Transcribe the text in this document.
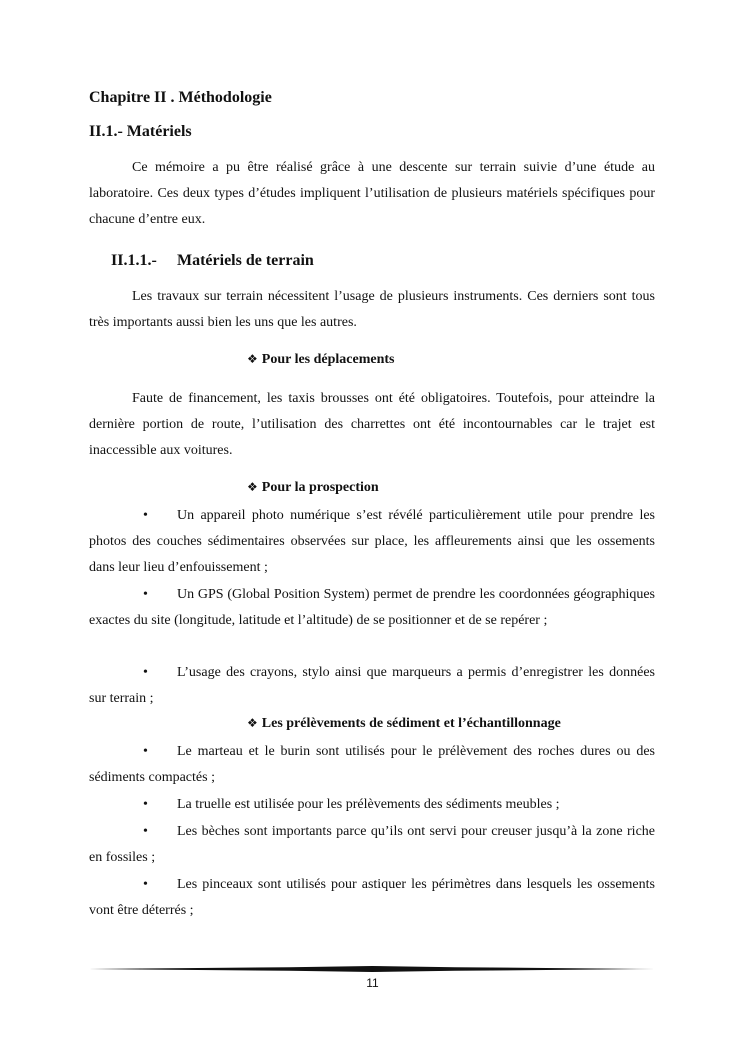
Chapitre II . Méthodologie
II.1.- Matériels

Ce mémoire a pu être réalisé grâce à une descente sur terrain suivie d’une étude au laboratoire. Ces deux types d’études impliquent l’utilisation de plusieurs matériels spécifiques pour chacune d’entre eux.

II.1.1.- Matériels de terrain

Les travaux sur terrain nécessitent l’usage de plusieurs instruments. Ces derniers sont tous très importants aussi bien les uns que les autres.

❖ Pour les déplacements

Faute de financement, les taxis brousses ont été obligatoires. Toutefois, pour atteindre la dernière portion de route, l’utilisation des charrettes ont été incontournables car le trajet est inaccessible aux voitures.

❖ Pour la prospection

• Un appareil photo numérique s’est révélé particulièrement utile pour prendre les photos des couches sédimentaires observées sur place, les affleurements ainsi que les ossements dans leur lieu d’enfouissement ;

• Un GPS (Global Position System) permet de prendre les coordonnées géographiques exactes du site (longitude, latitude et l’altitude) de se positionner et de se repérer ;

• L’usage des crayons, stylo ainsi que marqueurs a permis d’enregistrer les données sur terrain ;

❖ Les prélèvements de sédiment et l’échantillonnage

• Le marteau et le burin sont utilisés pour le prélèvement des roches dures ou des sédiments compactés ;

• La truelle est utilisée pour les prélèvements des sédiments meubles ;

• Les bèches sont importants parce qu’ils ont servi pour creuser jusqu’à la zone riche en fossiles ;

• Les pinceaux sont utilisés pour astiquer les périmètres dans lesquels les ossements vont être déterrés ;

11
